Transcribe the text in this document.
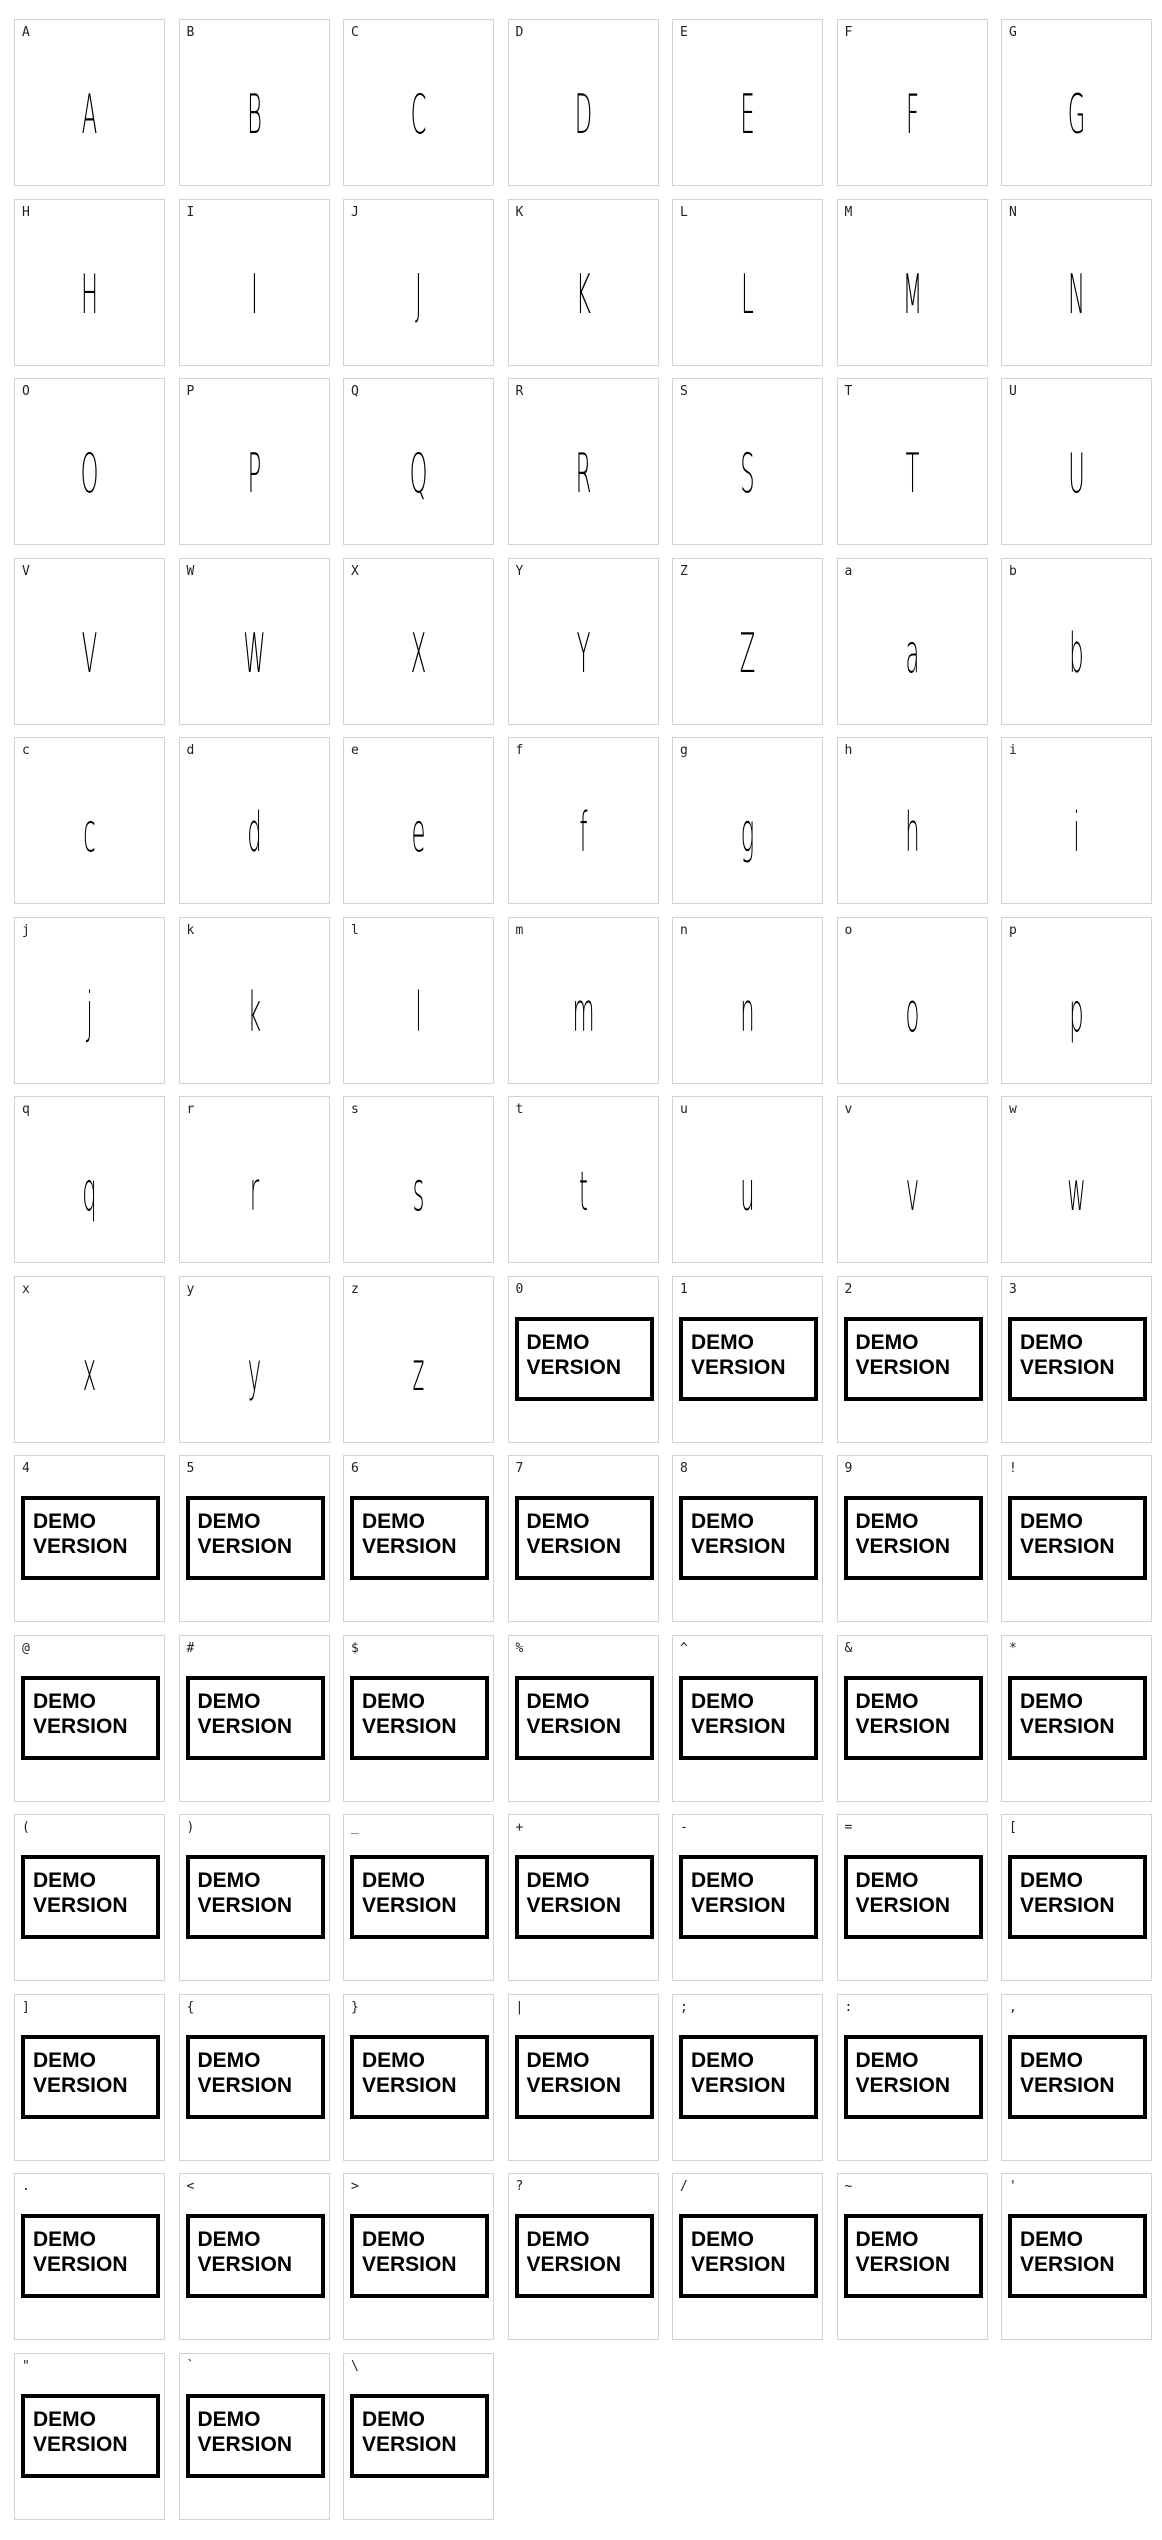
A
A
B
B
C
C
D
D
E
E
F
F
G
G
H
H
I
I
J
J
K
K
L
L
M
M
N
N
O
O
P
P
Q
Q
R
R
S
S
T
T
U
U
V
V
W
W
X
X
Y
Y
Z
Z
a
a
b
b
c
c
d
d
e
e
f
f
g
g
h
h
i
i
j
j
k
k
l
l
m
m
n
n
o
o
p
p
q
q
r
r
s
s
t
t
u
u
v
v
w
w
x
x
y
y
z
z
0
DEMO
VERSION
1
DEMO
VERSION
2
DEMO
VERSION
3
DEMO
VERSION
4
DEMO
VERSION
5
DEMO
VERSION
6
DEMO
VERSION
7
DEMO
VERSION
8
DEMO
VERSION
9
DEMO
VERSION
!
DEMO
VERSION
@
DEMO
VERSION
#
DEMO
VERSION
$
DEMO
VERSION
%
DEMO
VERSION
^
DEMO
VERSION
&
DEMO
VERSION
*
DEMO
VERSION
(
DEMO
VERSION
)
DEMO
VERSION
_
DEMO
VERSION
+
DEMO
VERSION
-
DEMO
VERSION
=
DEMO
VERSION
[
DEMO
VERSION
]
DEMO
VERSION
{
DEMO
VERSION
}
DEMO
VERSION
|
DEMO
VERSION
;
DEMO
VERSION
:
DEMO
VERSION
,
DEMO
VERSION
.
DEMO
VERSION
<
DEMO
VERSION
>
DEMO
VERSION
?
DEMO
VERSION
/
DEMO
VERSION
~
DEMO
VERSION
'
DEMO
VERSION
"
DEMO
VERSION
`
DEMO
VERSION
\
DEMO
VERSION
